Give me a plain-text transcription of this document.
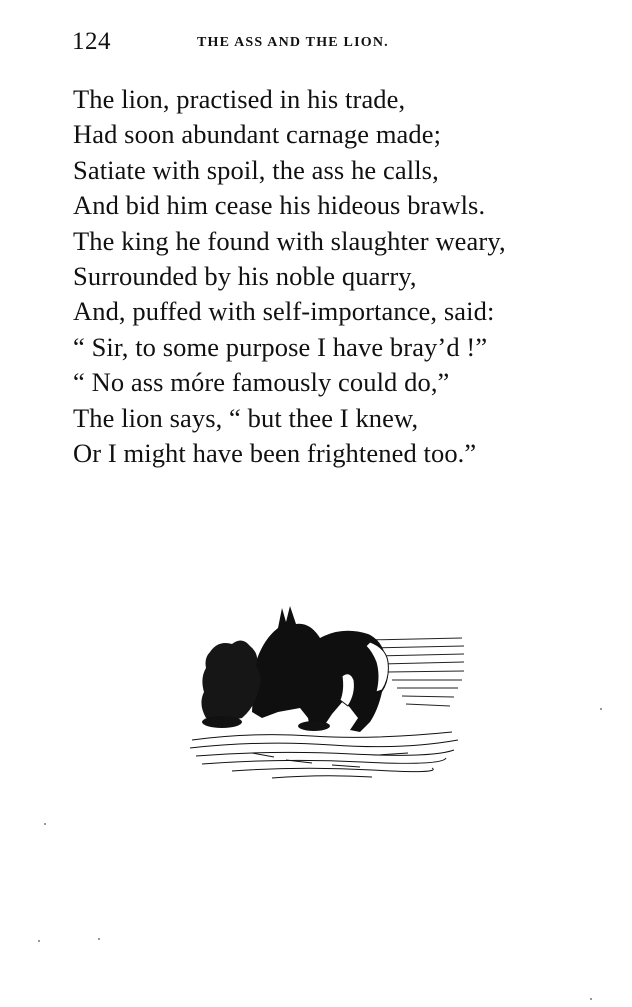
124	THE ASS AND THE LION.
The lion, practised in his trade,
Had soon abundant carnage made;
Satiate with spoil, the ass he calls,
And bid him cease his hideous brawls.
The king he found with slaughter weary,
Surrounded by his noble quarry,
And, puffed with self-importance, said:
“ Sir, to some purpose I have bray’d !”
“ No ass móre famously could do,”
The lion says, “ but thee I knew,
Or I might have been frightened too.”
